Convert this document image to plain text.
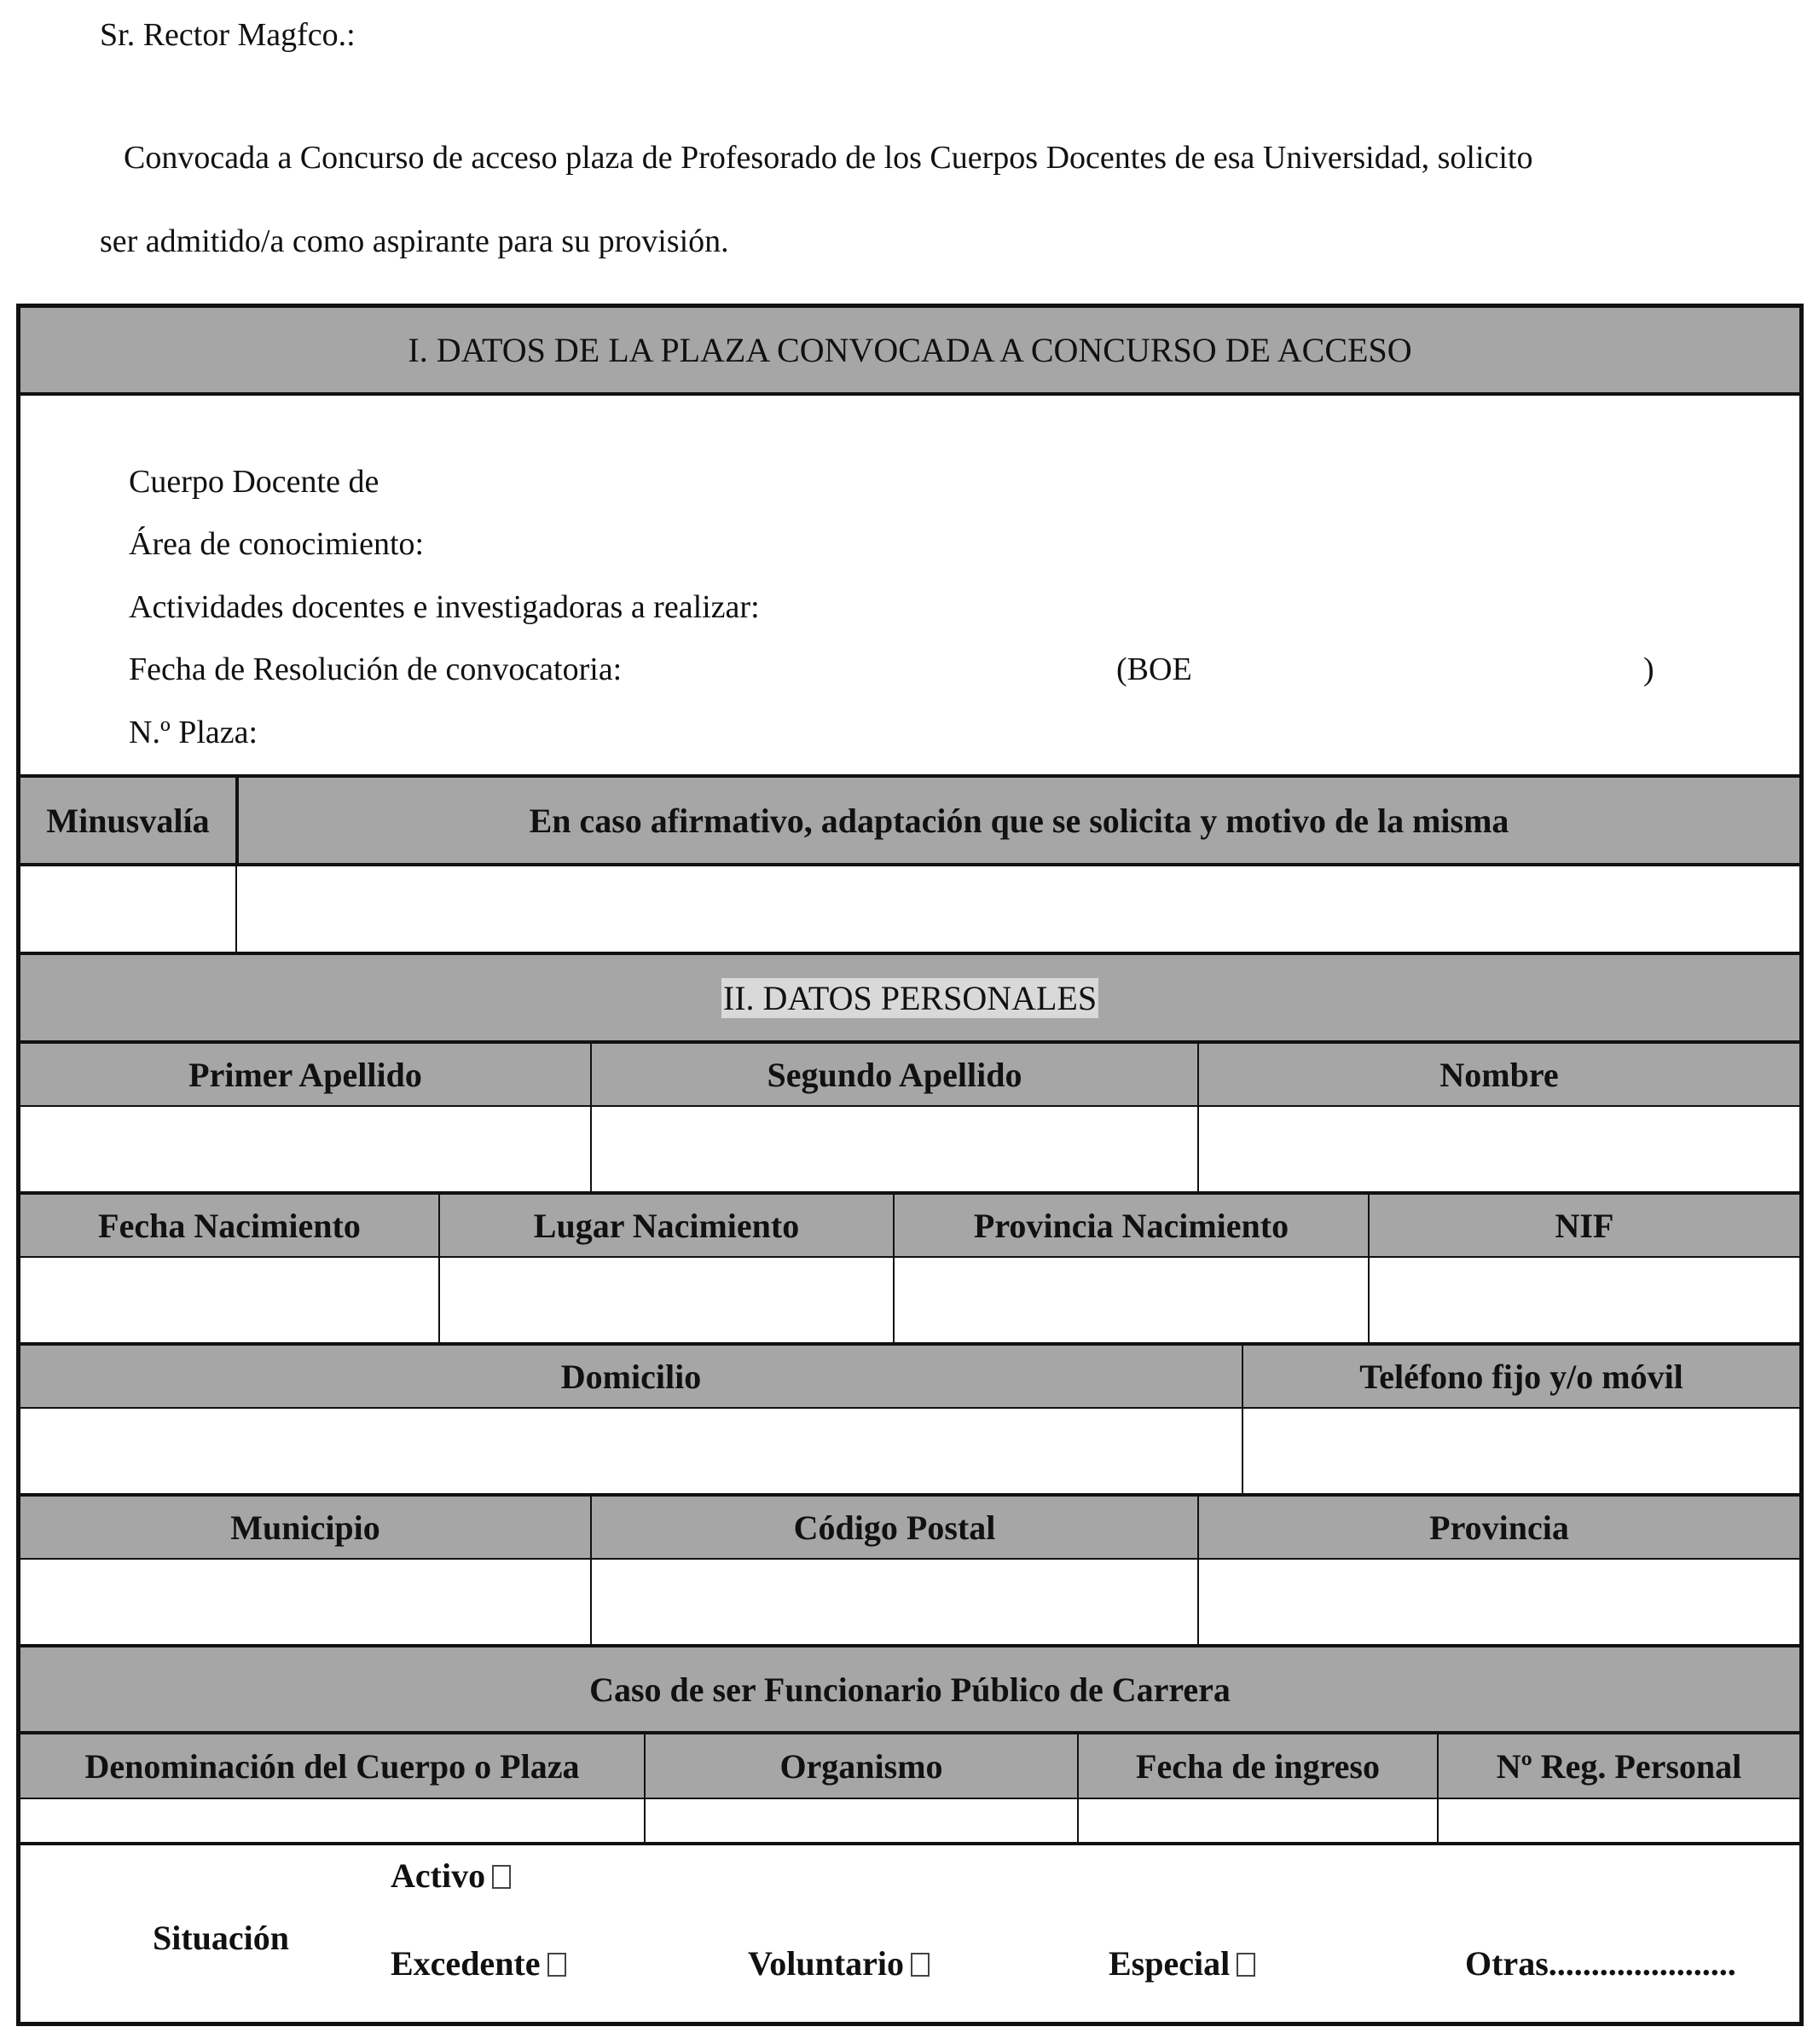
Sr. Rector Magfco.:
Convocada a Concurso de acceso plaza de Profesorado de los Cuerpos Docentes de esa Universidad, solicito
ser admitido/a como aspirante para su provisión.
I. DATOS DE LA PLAZA CONVOCADA A CONCURSO DE ACCESO
Cuerpo Docente de
Área de conocimiento:
Actividades docentes e investigadoras a realizar:
Fecha de Resolución de convocatoria:	(BOE	)
N.º Plaza:
Minusvalía	En caso afirmativo, adaptación que se solicita y motivo de la misma
II. DATOS PERSONALES
Primer Apellido	Segundo Apellido	Nombre
Fecha Nacimiento	Lugar Nacimiento	Provincia Nacimiento	NIF
Domicilio	Teléfono fijo y/o móvil
Municipio	Código Postal	Provincia
Caso de ser Funcionario Público de Carrera
Denominación del Cuerpo o Plaza	Organismo	Fecha de ingreso	Nº Reg. Personal
Situación
Activo
Excedente	Voluntario	Especial	Otras......................
